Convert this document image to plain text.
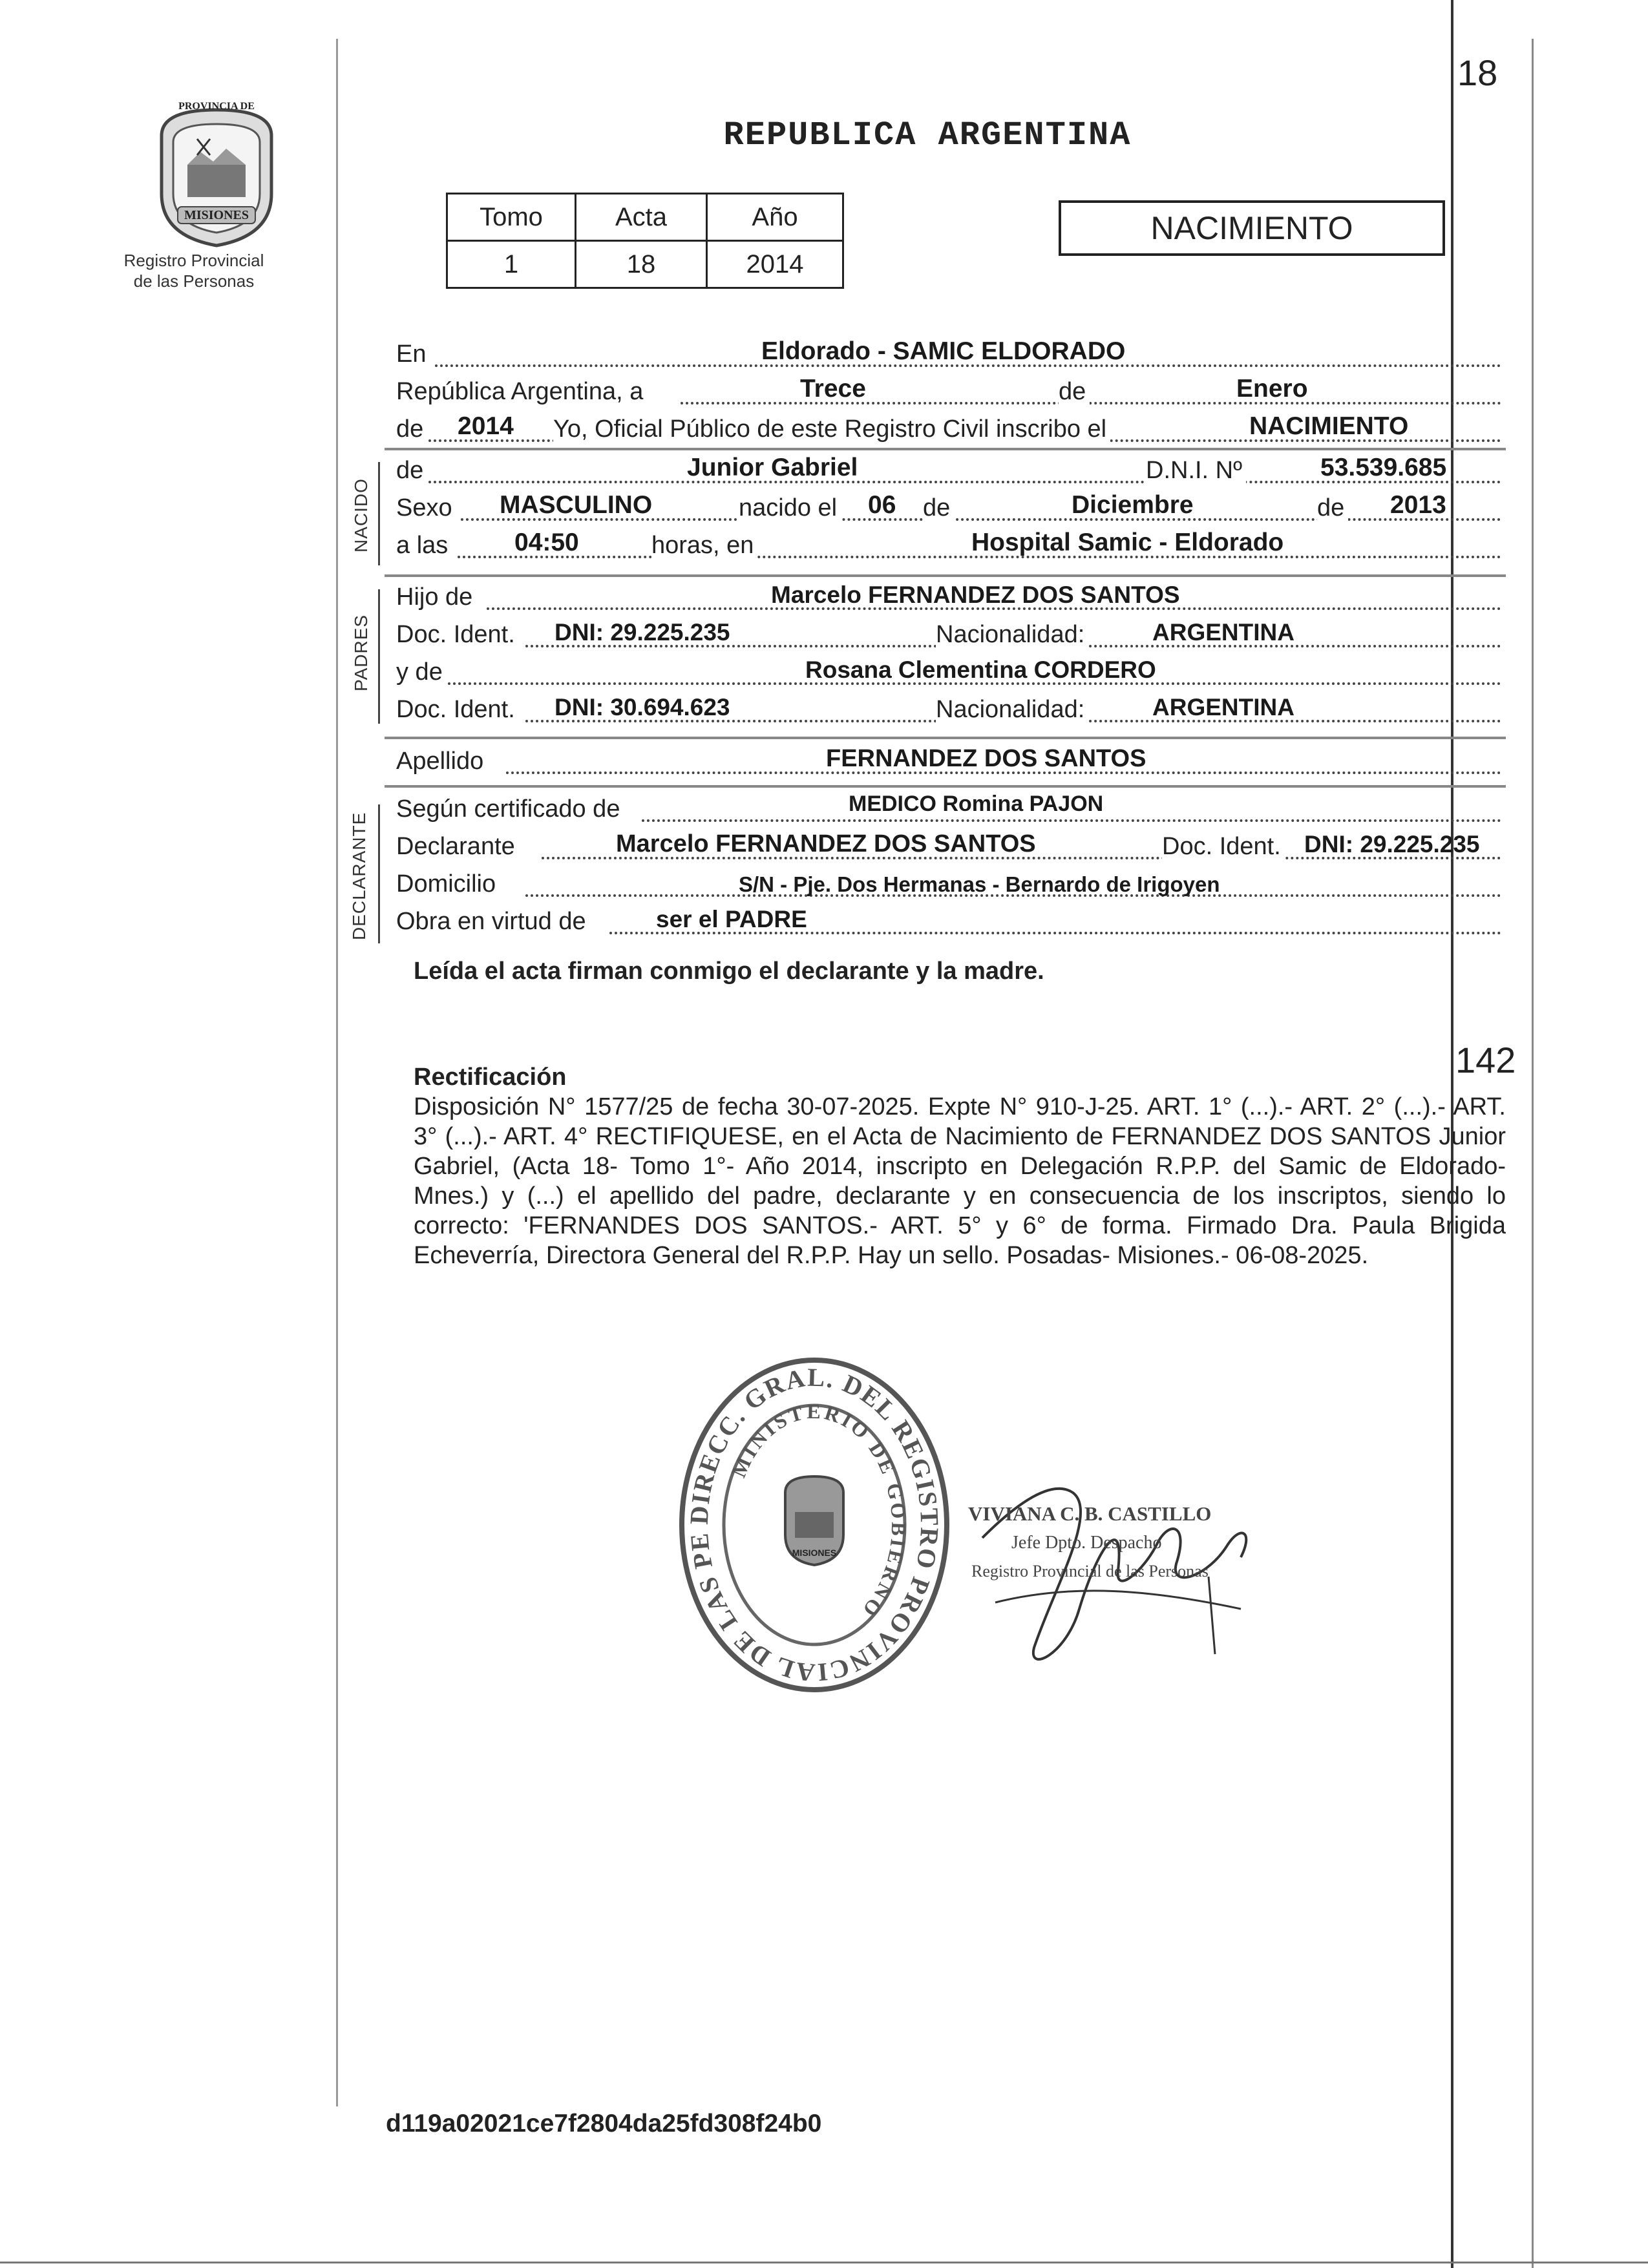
PROVINCIA DE
MISIONES
Registro Provincial
de las Personas
REPUBLICA ARGENTINA
Tomo	Acta	Año
1	18	2014
NACIMIENTO
18
142
En	Eldorado - SAMIC ELDORADO
República Argentina, a	Trece	de	Enero
de 2014 Yo, Oficial Público de este Registro Civil inscribo el	NACIMIENTO
NACIDO
de	Junior Gabriel	D.N.I. Nº	53.539.685
Sexo MASCULINO	nacido el 06 de	Diciembre	de 2013
a las	04:50	horas, en	Hospital Samic - Eldorado
PADRES
Hijo de	Marcelo FERNANDEZ DOS SANTOS
Doc. Ident. DNI: 29.225.235	Nacionalidad:	ARGENTINA
y de	Rosana Clementina CORDERO
Doc. Ident. DNI: 30.694.623	Nacionalidad:	ARGENTINA
Apellido	FERNANDEZ DOS SANTOS
DECLARANTE
Según certificado de	MEDICO Romina PAJON
Declarante	Marcelo FERNANDEZ DOS SANTOS	Doc. Ident. DNI: 29.225.235
Domicilio	S/N - Pje. Dos Hermanas - Bernardo de Irigoyen
Obra en virtud de	ser el PADRE
Leída el acta firman conmigo el declarante y la madre.
Rectificación
Disposición N° 1577/25 de fecha 30-07-2025. Expte N° 910-J-25. ART. 1° (...).- ART. 2° (...).- ART. 3° (...).- ART. 4° RECTIFIQUESE, en el Acta de Nacimiento de FERNANDEZ DOS SANTOS Junior Gabriel, (Acta 18- Tomo 1°- Año 2014, inscripto en Delegación R.P.P. del Samic de Eldorado- Mnes.) y (...) el apellido del padre, declarante y en consecuencia de los inscriptos, siendo lo correcto: 'FERNANDES DOS SANTOS.- ART. 5° y 6° de forma. Firmado Dra. Paula Brigida Echeverría, Directora General del R.P.P. Hay un sello. Posadas- Misiones.- 06-08-2025.
DIRECC. GRAL. DEL REGISTRO PROVINCIAL DE LAS PE
MINISTERIO DE GOBIERNO
MISIONES
VIVIANA C. B. CASTILLO
Jefe Dpto. Despacho
Registro Provincial de las Personas
d119a02021ce7f2804da25fd308f24b0
